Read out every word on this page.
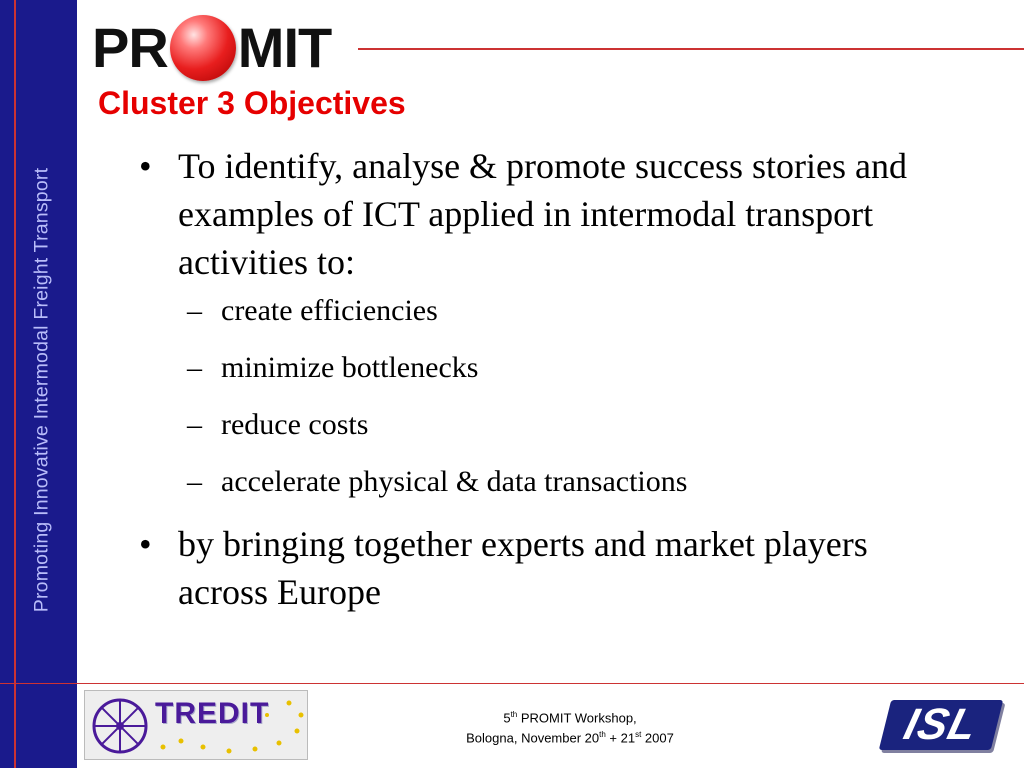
Promoting Innovative Intermodal Freight Transport
PR MIT
Cluster 3 Objectives
• To identify, analyse & promote success stories and examples of ICT applied in intermodal transport activities to:
– create efficiencies
– minimize bottlenecks
– reduce costs
– accelerate physical & data transactions
• by bringing together experts and market players across Europe
TREDIT	5th PROMIT Workshop,
Bologna, November 20th + 21st 2007	ISL
